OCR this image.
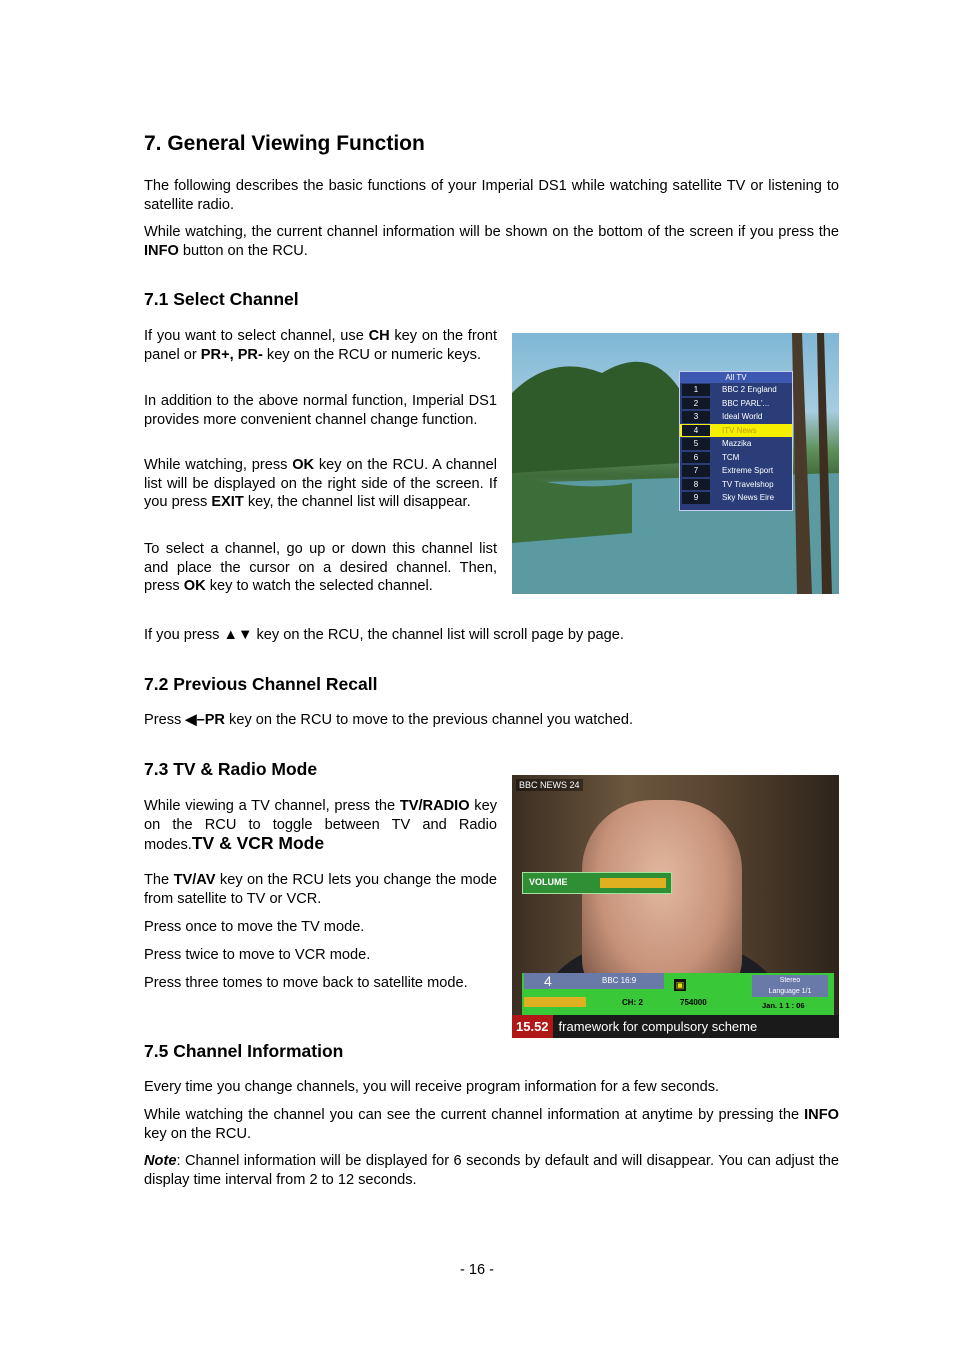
7. General Viewing Function

The following describes the basic functions of your Imperial DS1 while watching satellite TV or listening to satellite radio.

While watching, the current channel information will be shown on the bottom of the screen if you press the INFO button on the RCU.

7.1 Select Channel

If you want to select channel, use CH key on the front panel or PR+, PR- key on the RCU or numeric keys.

In addition to the above normal function, Imperial DS1 provides more convenient channel change function.

While watching, press OK key on the RCU. A channel list will be displayed on the right side of the screen. If you press EXIT key, the channel list will disappear.

To select a channel, go up or down this channel list and place the cursor on a desired channel. Then, press OK key to watch the selected channel.

If you press ▲▼ key on the RCU, the channel list will scroll page by page.

All TV
1	BBC 2 England
2	BBC PARL'...
3	Ideal World
4	ITV News
5	Mazzika
6	TCM
7	Extreme Sport
8	TV Travelshop
9	Sky News Eire
7.2 Previous Channel Recall

Press ◀–PR key on the RCU to move to the previous channel you watched.

7.3 TV & Radio Mode

While viewing a TV channel, press the TV/RADIO key on the RCU to toggle between TV and Radio modes.TV & VCR Mode

The TV/AV key on the RCU lets you change the mode from satellite to TV or VCR.

Press once to move the TV mode.

Press twice to move to VCR mode.

Press three tomes to move back to satellite mode.

BBC NEWS 24
VOLUME
4	BBC 16:9	▣
CH: 2	754000
Stereo
Language 1/1
Jan. 1 1 : 06
15.52 framework for compulsory scheme
7.5 Channel Information

Every time you change channels, you will receive program information for a few seconds.

While watching the channel you can see the current channel information at anytime by pressing the INFO key on the RCU.

Note: Channel information will be displayed for 6 seconds by default and will disappear. You can adjust the display time interval from 2 to 12 seconds.

- 16 -
